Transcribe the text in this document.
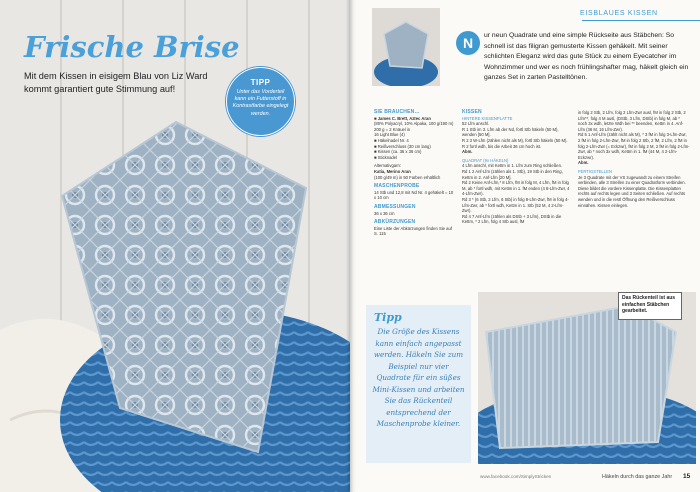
Frische Brise
Mit dem Kissen in eisigem Blau von Liz Ward kommt garantiert gute Stimmung auf!
TIPP
Unter das Vorderteil kann ein Futterstoff in Kontrastfarbe eingelegt werden.
EISBLAUES KISSEN
N	ur neun Quadrate und eine simple Rückseite aus Stäbchen: So schnell ist das filigran gemusterte Kissen gehäkelt. Mit seiner schlichten Eleganz wird das gute Stück zu einem Eyecatcher im Wohnzimmer und wer es noch frühlingshafter mag, häkelt gleich ein ganzes Set in zarten Pastelltönen.
SIE BRAUCHEN…
■ James C. Brett, Aztec Aran
(80% Polyacryl, 10% Alpaka, 100 g/190 m)
200 g = 2 Knäuel in
16 Light Blue (4)
■ Häkelnadel Nr. 4
■ Reißverschluss (30 cm lang)
■ Kissen (ca. 36 x 36 cm)
■ Sticknadel
Alternativgarn:
Katia, Merino Aran
(100 g/49 m) in 50 Farben erhältlich
MASCHENPROBE
14 Stb und 12,8 mit Nd Nr. 4 gehäkelt = 10 x 10 cm
ABMESSUNGEN
36 x 36 cm
ABKÜRZUNGEN
Eine Liste der Abkürzungen finden Sie auf S. 115
KISSEN
HINTERE KISSENPLATTE
52 Lfm anschl.
R 1 Stb im 3. Lfm ab der Nd, fortl Stb häkeln (50 M), wenden [50 M].
R 2 3 W-Lfm (zählen nicht als M), fortl Stb häkeln (50 M).
R 2 fortl wdh, bis die Arbeit 36 cm hoch ist.
Abm.
QUADRAT (9x HÄKELN)
4 Lfm anschl, mit Kettm in 1. Lfm zum Ring schließen.
Rd 1 2 Anf-Lfm (zählen als 1. Stb), 19 Stb in den Ring, Kettm in 2. Anf-Lfm [20 M].
Rd 2 Keine Anf-Lfm,* 8 Lfm, fM in folg M, 4 Lfm, fM in folg M, ab * fortl wdh, mit Kettm in 1. fM enden (4 8-Lfm-Zwr, 4 4-Lfm-Zwr).
Rd 3 * (6 Stb, 2 Lfm, 6 Stb) in folg 8-Lfm-Zwr, fM in folg 4-Lfm-Zwr, ab * fortl wdh, Kettm in 1. Stb (52 M, 4 2-Lfm-Zwr).
Rd 4 7 Anf-Lfm (zählen als DStb + 3 Lfm), DStb in die Kettm, * 2 Lfm, folg 4 Stb ausl, fM
in folg 2 Stb, 2 Lfm, folg 2 Lfm-Zwr ausl, fM in folg 2 Stb, 2 Lfm**, folg 4 M ausl, (DStb, 3 Lfm, DStb) in folg M, ab * noch 3x wdh, letzte Wdh bei ** beenden, Kettm in 4. Anf-Lfm (36 M, 16 Lfm-Zwr).
Rd 5 1 Anf-Lfm (zählt nicht als M), * 3 fM in folg 3-Lfm-Zwr, 2 fM in folg 2-Lfm-Zwr, fM in folg 2 Stb, 2 fM, 2 Lfm, 2 fM in folg 2-Lfm-Zwr (= Eckzwr), fM in folg 2 M, 2 fM in folg 2-Lfm-Zwr, ab * noch 3x wdh, Kettm in 1. fM (44 M, 4 2-Lfm-Eckzwr).
Abm.
FERTIGSTELLEN
Je 3 Quadrate mit der VS zugewandt zu einem Streifen verbinden, alle 3 Streifen zu einer Quadratform verbinden. Diese bildet die vordere Kissenplatte. Die Kissenplatten rechts auf rechts legen und 3 Seiten schließen. Auf rechts wenden und in die restl Öffnung den Reißverschluss einnähen. Kissen einlegen.
Tipp
Die Größe des Kissens kann einfach angepasst werden. Häkeln Sie zum Beispiel nur vier Quadrate für ein süßes Mini-Kissen und arbeiten Sie das Rückenteil entsprechend der Maschenprobe kleiner.
Das Rückenteil ist aus einfachen Stäbchen gearbeitet.
www.facebook.com/SimplyStricken	Häkeln durch das ganze Jahr 15
